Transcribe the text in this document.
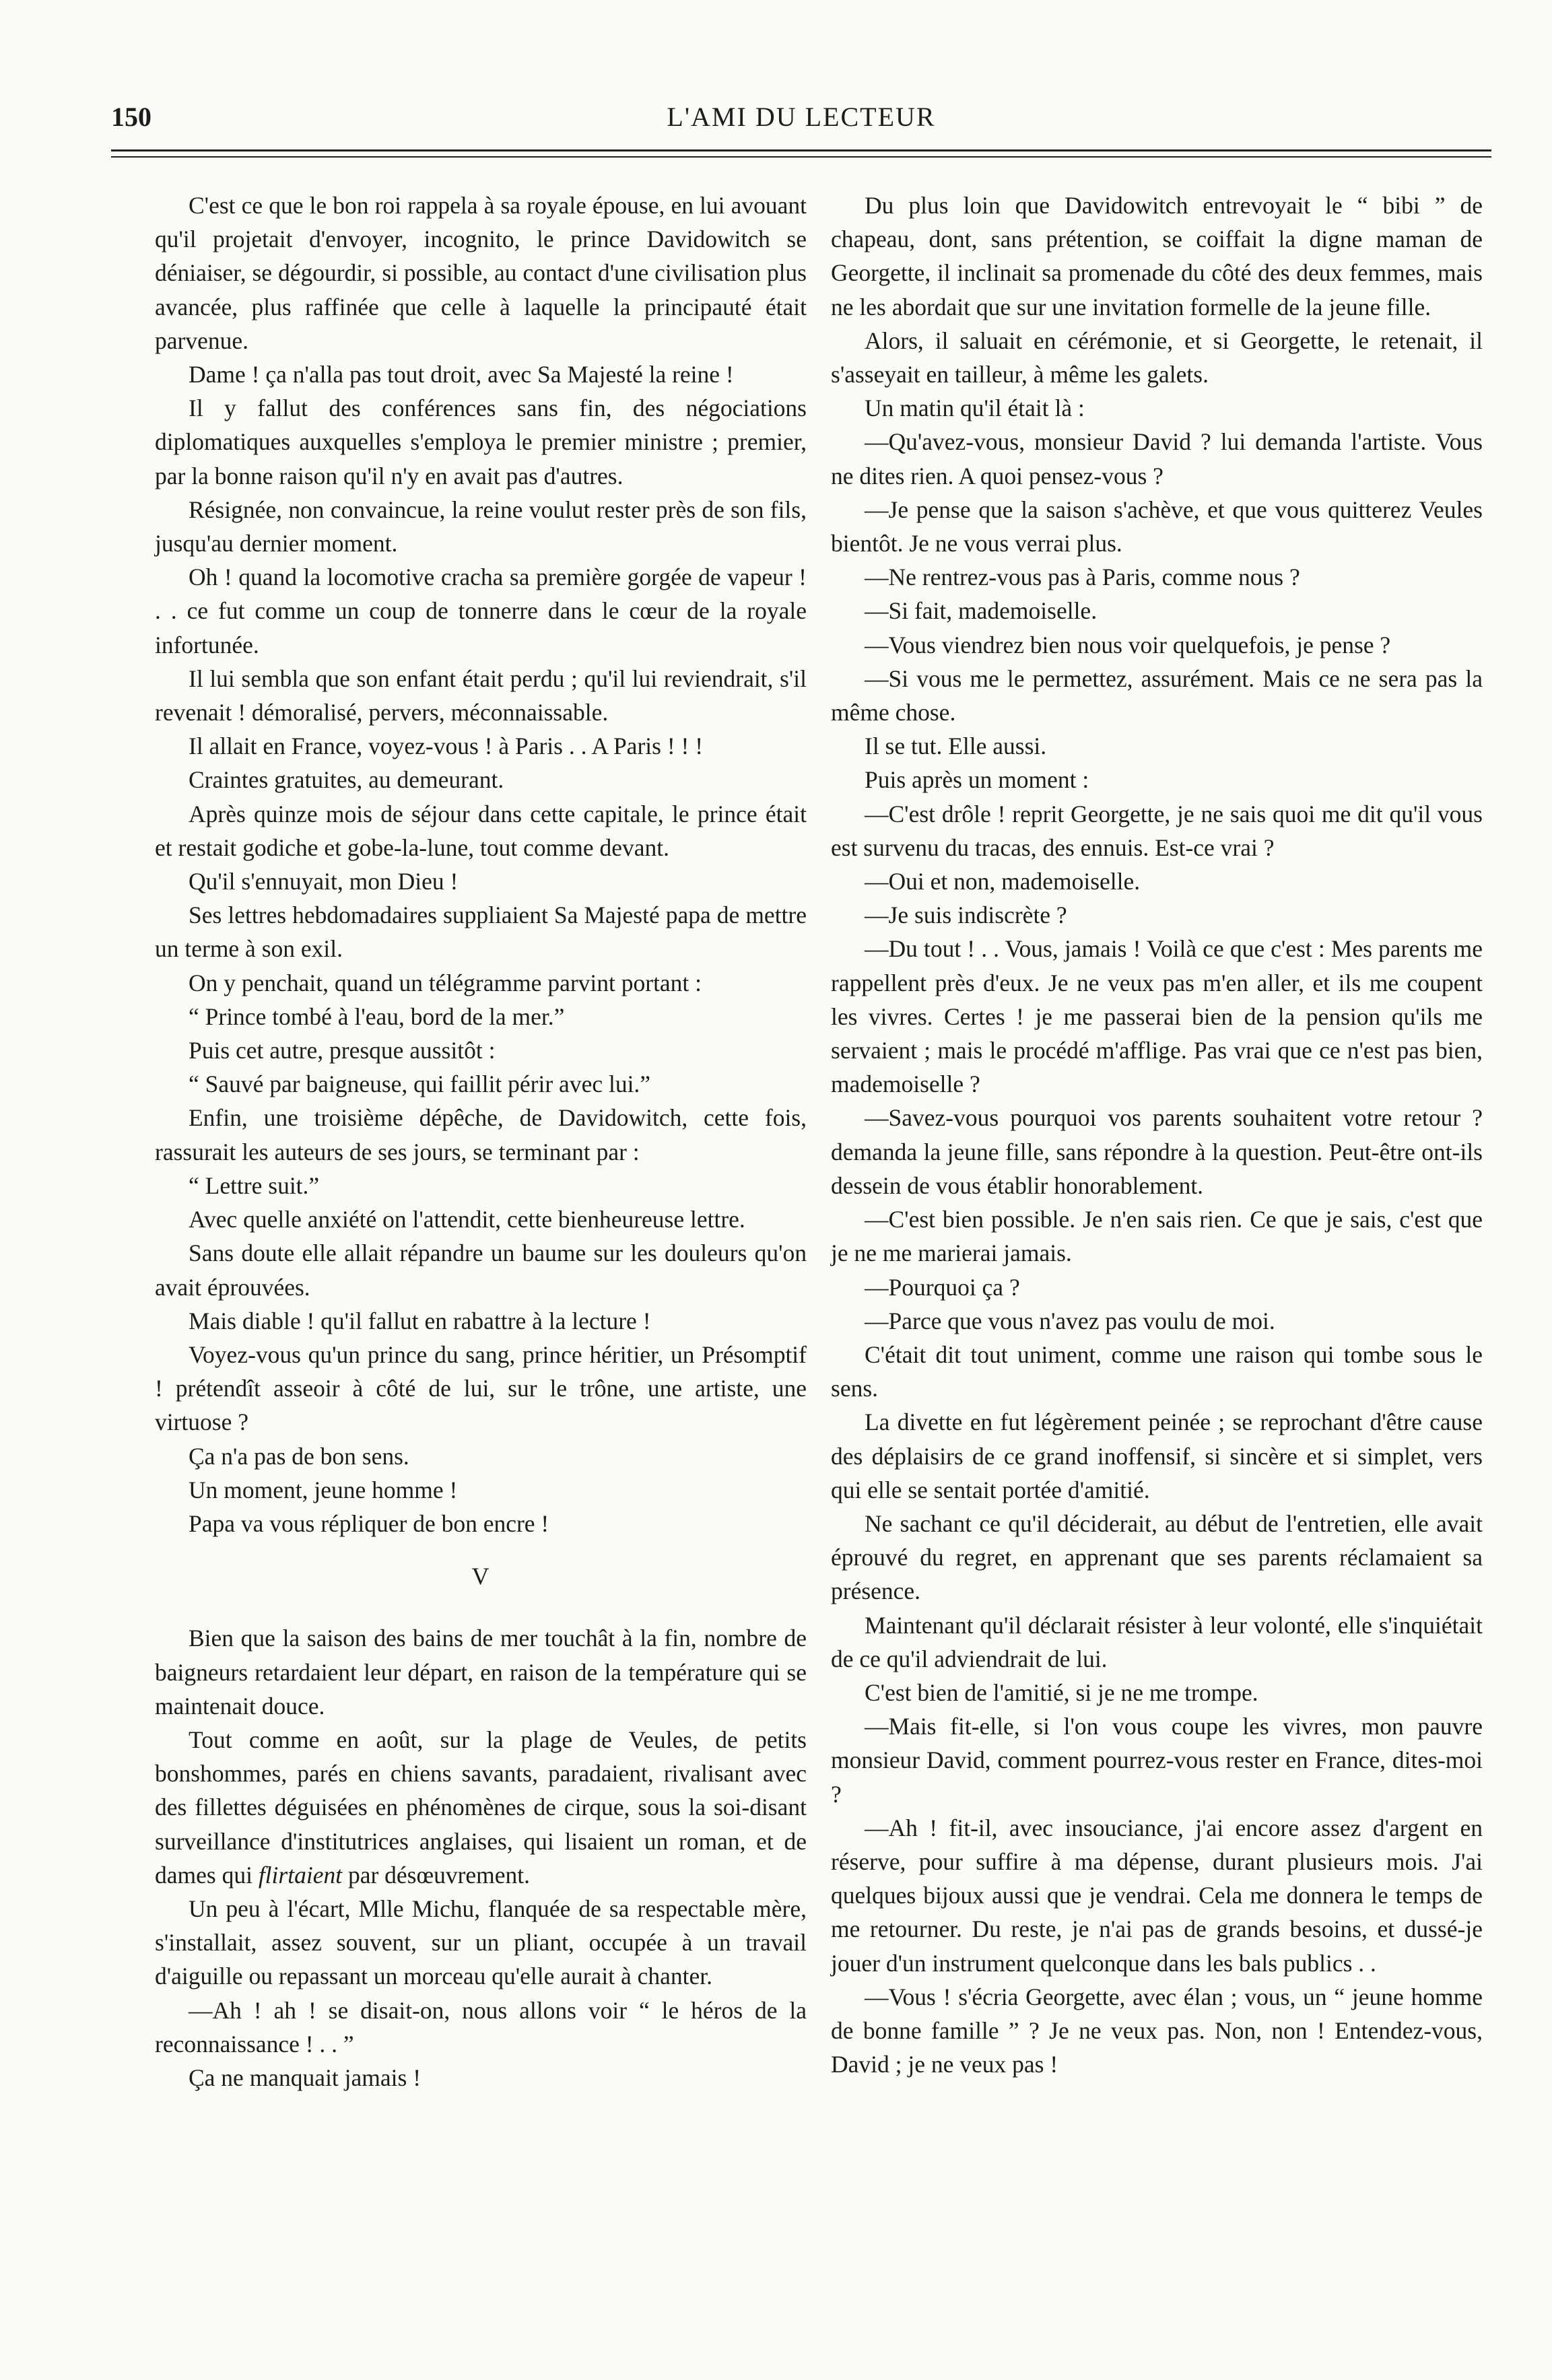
150	L'AMI DU LECTEUR

C'est ce que le bon roi rappela à sa royale épouse, en lui avouant qu'il projetait d'envoyer, incognito, le prince Davidowitch se déniaiser, se dégourdir, si possible, au contact d'une civilisation plus avancée, plus raffinée que celle à laquelle la principauté était parvenue.

Dame ! ça n'alla pas tout droit, avec Sa Majesté la reine !

Il y fallut des conférences sans fin, des négociations diplomatiques auxquelles s'employa le premier ministre ; premier, par la bonne raison qu'il n'y en avait pas d'autres.

Résignée, non convaincue, la reine voulut rester près de son fils, jusqu'au dernier moment.

Oh ! quand la locomotive cracha sa première gorgée de vapeur ! . . ce fut comme un coup de tonnerre dans le cœur de la royale infortunée.

Il lui sembla que son enfant était perdu ; qu'il lui reviendrait, s'il revenait ! démoralisé, pervers, méconnaissable.

Il allait en France, voyez-vous ! à Paris . . A Paris ! ! !

Craintes gratuites, au demeurant.

Après quinze mois de séjour dans cette capitale, le prince était et restait godiche et gobe-la-lune, tout comme devant.

Qu'il s'ennuyait, mon Dieu !

Ses lettres hebdomadaires suppliaient Sa Majesté papa de mettre un terme à son exil.

On y penchait, quand un télégramme parvint portant :

“ Prince tombé à l'eau, bord de la mer.”

Puis cet autre, presque aussitôt :

“ Sauvé par baigneuse, qui faillit périr avec lui.”

Enfin, une troisième dépêche, de Davidowitch, cette fois, rassurait les auteurs de ses jours, se terminant par :

“ Lettre suit.”

Avec quelle anxiété on l'attendit, cette bienheureuse lettre.

Sans doute elle allait répandre un baume sur les douleurs qu'on avait éprouvées.

Mais diable ! qu'il fallut en rabattre à la lecture !

Voyez-vous qu'un prince du sang, prince héritier, un Présomptif ! prétendît asseoir à côté de lui, sur le trône, une artiste, une virtuose ?

Ça n'a pas de bon sens.

Un moment, jeune homme !

Papa va vous répliquer de bon encre !

V

Bien que la saison des bains de mer touchât à la fin, nombre de baigneurs retardaient leur départ, en raison de la température qui se maintenait douce.

Tout comme en août, sur la plage de Veules, de petits bonshommes, parés en chiens savants, paradaient, rivalisant avec des fillettes déguisées en phénomènes de cirque, sous la soi-disant surveillance d'institutrices anglaises, qui lisaient un roman, et de dames qui flirtaient par désœuvrement.

Un peu à l'écart, Mlle Michu, flanquée de sa respectable mère, s'installait, assez souvent, sur un pliant, occupée à un travail d'aiguille ou repassant un morceau qu'elle aurait à chanter.

—Ah ! ah ! se disait-on, nous allons voir “ le héros de la reconnaissance ! . . ”

Ça ne manquait jamais !

Du plus loin que Davidowitch entrevoyait le “ bibi ” de chapeau, dont, sans prétention, se coiffait la digne maman de Georgette, il inclinait sa promenade du côté des deux femmes, mais ne les abordait que sur une invitation formelle de la jeune fille.

Alors, il saluait en cérémonie, et si Georgette, le retenait, il s'asseyait en tailleur, à même les galets.

Un matin qu'il était là :

—Qu'avez-vous, monsieur David ? lui demanda l'artiste. Vous ne dites rien. A quoi pensez-vous ?

—Je pense que la saison s'achève, et que vous quitterez Veules bientôt. Je ne vous verrai plus.

—Ne rentrez-vous pas à Paris, comme nous ?

—Si fait, mademoiselle.

—Vous viendrez bien nous voir quelquefois, je pense ?

—Si vous me le permettez, assurément. Mais ce ne sera pas la même chose.

Il se tut. Elle aussi.

Puis après un moment :

—C'est drôle ! reprit Georgette, je ne sais quoi me dit qu'il vous est survenu du tracas, des ennuis. Est-ce vrai ?

—Oui et non, mademoiselle.

—Je suis indiscrète ?

—Du tout ! . . Vous, jamais ! Voilà ce que c'est : Mes parents me rappellent près d'eux. Je ne veux pas m'en aller, et ils me coupent les vivres. Certes ! je me passerai bien de la pension qu'ils me servaient ; mais le procédé m'afflige. Pas vrai que ce n'est pas bien, mademoiselle ?

—Savez-vous pourquoi vos parents souhaitent votre retour ? demanda la jeune fille, sans répondre à la question. Peut-être ont-ils dessein de vous établir honorablement.

—C'est bien possible. Je n'en sais rien. Ce que je sais, c'est que je ne me marierai jamais.

—Pourquoi ça ?

—Parce que vous n'avez pas voulu de moi.

C'était dit tout uniment, comme une raison qui tombe sous le sens.

La divette en fut légèrement peinée ; se reprochant d'être cause des déplaisirs de ce grand inoffensif, si sincère et si simplet, vers qui elle se sentait portée d'amitié.

Ne sachant ce qu'il déciderait, au début de l'entretien, elle avait éprouvé du regret, en apprenant que ses parents réclamaient sa présence.

Maintenant qu'il déclarait résister à leur volonté, elle s'inquiétait de ce qu'il adviendrait de lui.

C'est bien de l'amitié, si je ne me trompe.

—Mais fit-elle, si l'on vous coupe les vivres, mon pauvre monsieur David, comment pourrez-vous rester en France, dites-moi ?

—Ah ! fit-il, avec insouciance, j'ai encore assez d'argent en réserve, pour suffire à ma dépense, durant plusieurs mois. J'ai quelques bijoux aussi que je vendrai. Cela me donnera le temps de me retourner. Du reste, je n'ai pas de grands besoins, et dussé-je jouer d'un instrument quelconque dans les bals publics . .

—Vous ! s'écria Georgette, avec élan ; vous, un “ jeune homme de bonne famille ” ? Je ne veux pas. Non, non ! Entendez-vous, David ; je ne veux pas !
